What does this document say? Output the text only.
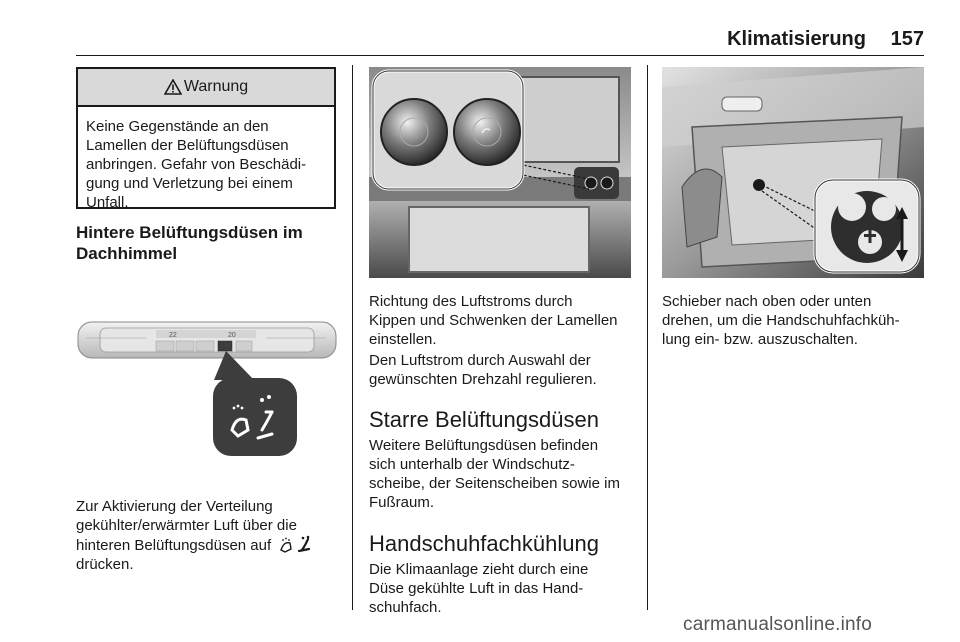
Klimatisierung 157
Warnung
Keine Gegenstände an den
Lamellen der Belüftungsdüsen
anbringen. Gefahr von Beschädi-
gung und Verletzung bei einem
Unfall.
Hintere Belüftungsdüsen im
Dachhimmel
22	20
Zur Aktivierung der Verteilung
gekühlter/erwärmter Luft über die
hinteren Belüftungsdüsen auf
drücken.
Richtung des Luftstroms durch
Kippen und Schwenken der Lamellen
einstellen.
Den Luftstrom durch Auswahl der
gewünschten Drehzahl regulieren.
Starre Belüftungsdüsen
Weitere Belüftungsdüsen befinden
sich unterhalb der Windschutz-
scheibe, der Seitenscheiben sowie im
Fußraum.
Handschuhfachkühlung
Die Klimaanlage zieht durch eine
Düse gekühlte Luft in das Hand-
schuhfach.
Schieber nach oben oder unten
drehen, um die Handschuhfachküh-
lung ein- bzw. auszuschalten.
carmanualsonline.info
